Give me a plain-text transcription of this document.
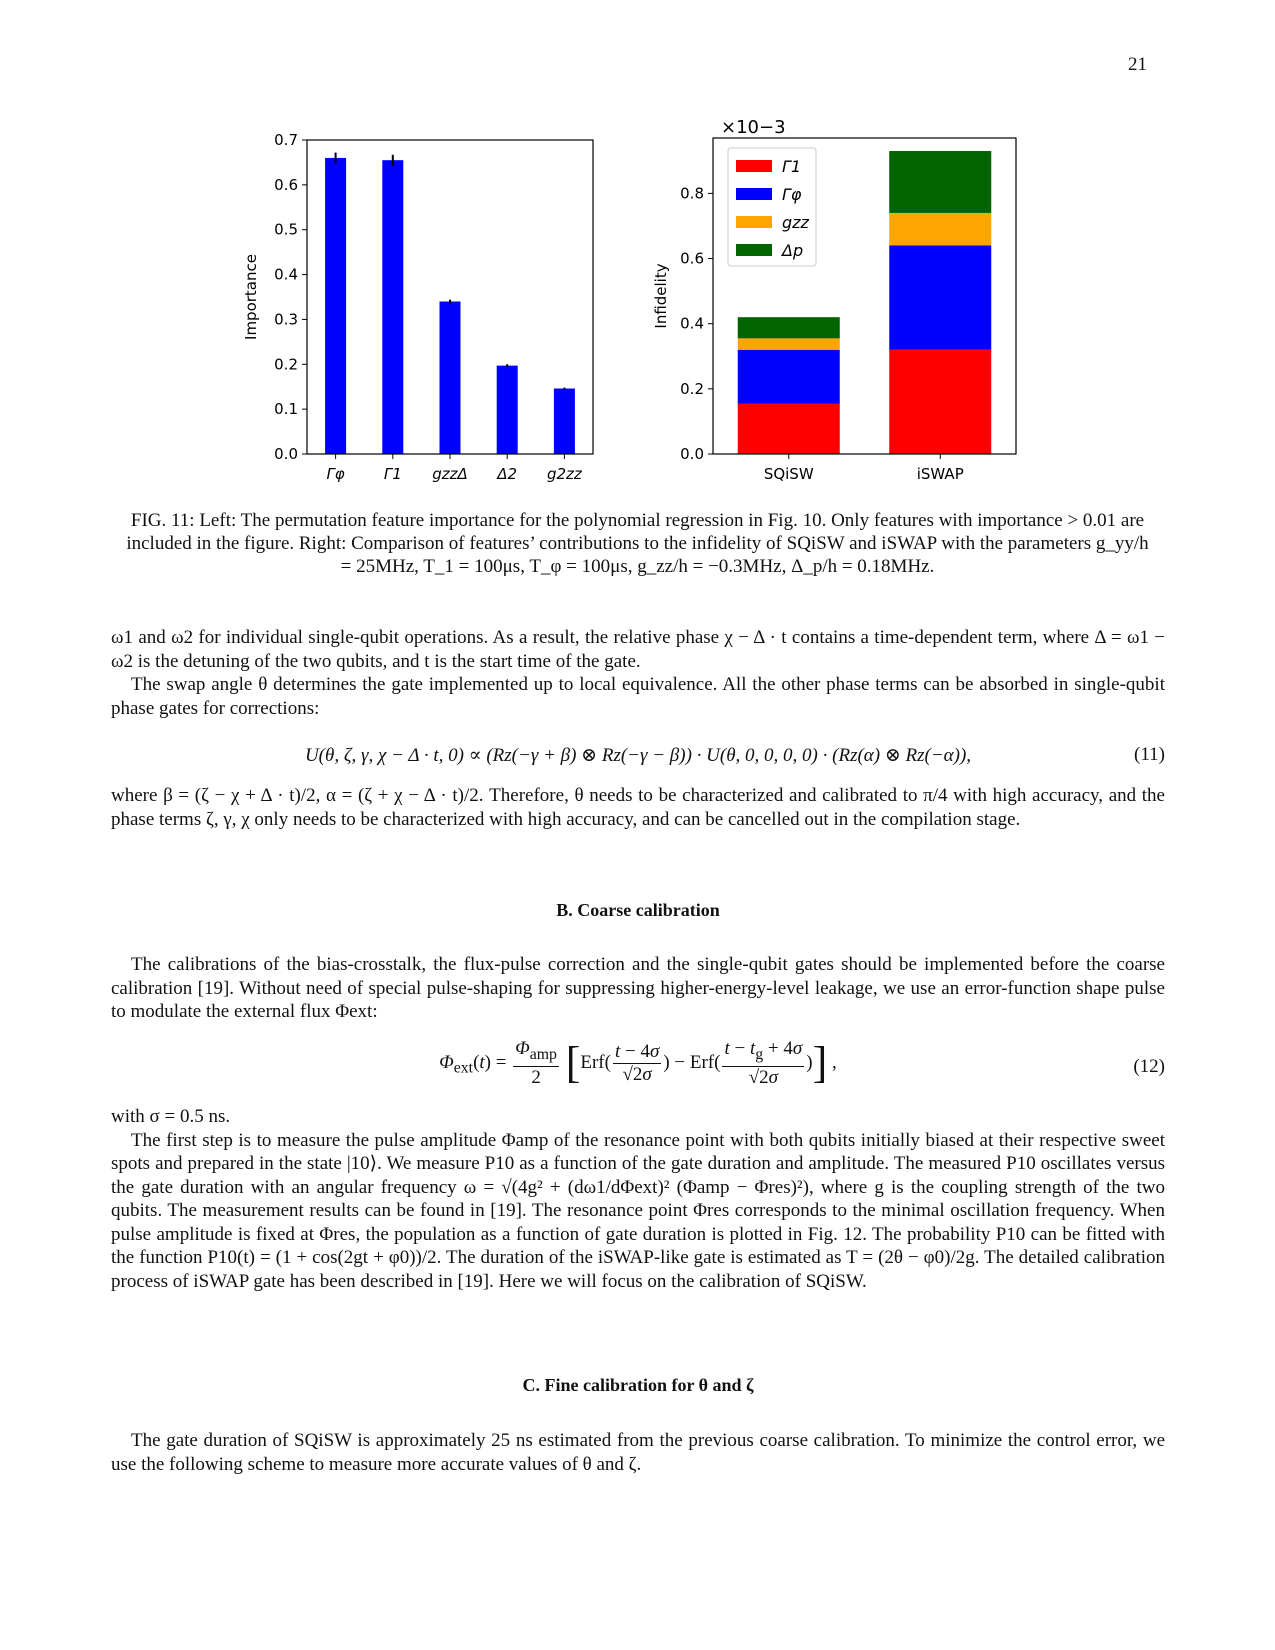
21
Γφ	Γ1 gzzΔ Δ2 g2zz
0.0
0.1
0.2
0.3
0.4
0.5
0.6
0.7
Importance
SQiSW	iSWAP
0.0
0.2
0.4
0.6
0.8
Infidelity
×10−3
Γ1
Γφ
gzz
Δp
FIG. 11: Left: The permutation feature importance for the polynomial regression in Fig. 10. Only features with importance > 0.01 are included in the figure. Right: Comparison of features’ contributions to the infidelity of SQiSW and iSWAP with the parameters g_yy/h = 25MHz, T_1 = 100μs, T_φ = 100μs, g_zz/h = −0.3MHz, Δ_p/h = 0.18MHz.

ω1 and ω2 for individual single-qubit operations. As a result, the relative phase χ − Δ · t contains a time-dependent term, where Δ = ω1 − ω2 is the detuning of the two qubits, and t is the start time of the gate.

The swap angle θ determines the gate implemented up to local equivalence. All the other phase terms can be absorbed in single-qubit phase gates for corrections:

U(θ, ζ, γ, χ − Δ · t, 0) ∝ (Rz(−γ + β) ⊗ Rz(−γ − β)) · U(θ, 0, 0, 0, 0) · (Rz(α) ⊗ Rz(−α)),	(11)

where β = (ζ − χ + Δ · t)/2, α = (ζ + χ − Δ · t)/2. Therefore, θ needs to be characterized and calibrated to π/4 with high accuracy, and the phase terms ζ, γ, χ only needs to be characterized with high accuracy, and can be cancelled out in the compilation stage.

B. Coarse calibration

The calibrations of the bias-crosstalk, the flux-pulse correction and the single-qubit gates should be implemented before the coarse calibration [19]. Without need of special pulse-shaping for suppressing higher-energy-level leakage, we use an error-function shape pulse to modulate the external flux Φext:

$\Phi_{ext}(t) = \frac{\Phi_{amp}}{2} [Erf( \frac{t - 4\sigma}{√2\sigma}$ ) − $Erf( \frac{t - t_g + 4\sigma}{√2\sigma}$ )] ,	(12)

with σ = 0.5 ns.

The first step is to measure the pulse amplitude Φamp of the resonance point with both qubits initially biased at their respective sweet spots and prepared in the state |10⟩. We measure P10 as a function of the gate duration and amplitude. The measured P10 oscillates versus the gate duration with an angular frequency ω = √(4g² + (dω1/dΦext)² (Φamp − Φres)²), where g is the coupling strength of the two qubits. The measurement results can be found in [19]. The resonance point Φres corresponds to the minimal oscillation frequency. When pulse amplitude is fixed at Φres, the population as a function of gate duration is plotted in Fig. 12. The probability P10 can be fitted with the function P10(t) = (1 + cos(2gt + φ0))/2. The duration of the iSWAP-like gate is estimated as T = (2θ − φ0)/2g. The detailed calibration process of iSWAP gate has been described in [19]. Here we will focus on the calibration of SQiSW.

C. Fine calibration for θ and ζ

The gate duration of SQiSW is approximately 25 ns estimated from the previous coarse calibration. To minimize the control error, we use the following scheme to measure more accurate values of θ and ζ.
